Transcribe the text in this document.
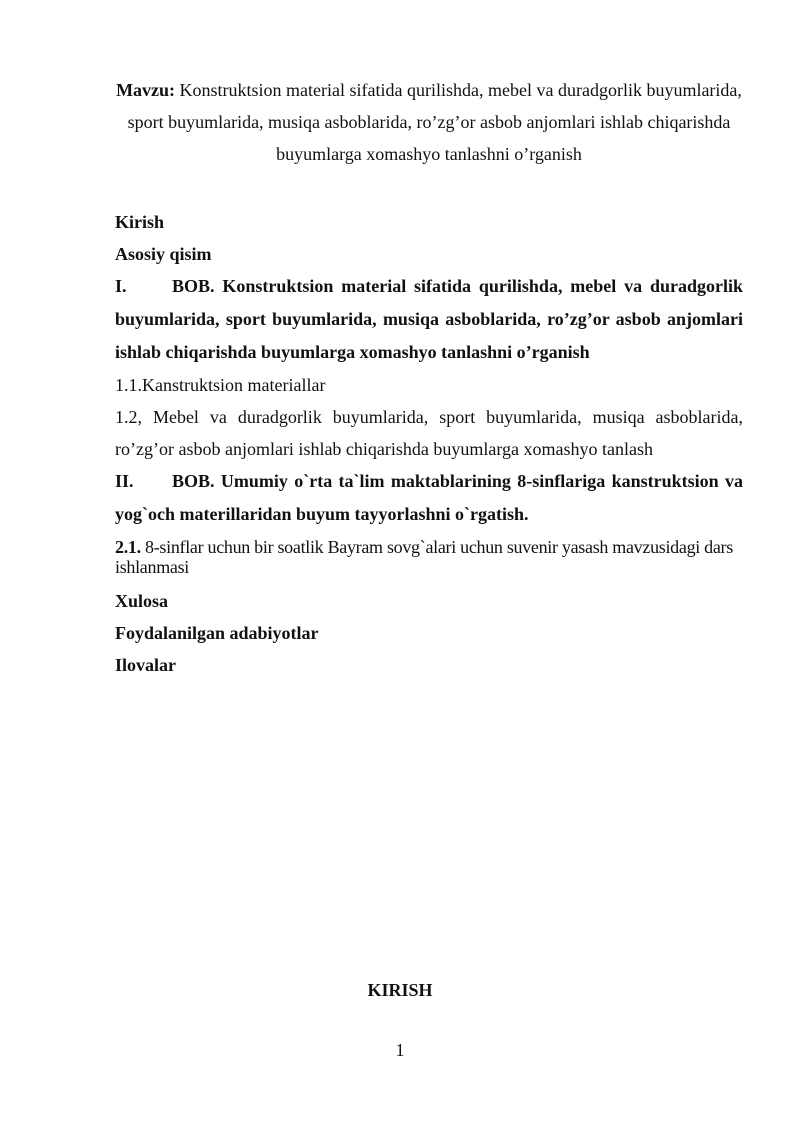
Mavzu: Konstruktsion material sifatida qurilishda, mebel va duradgorlik buyumlarida, sport buyumlarida, musiqa asboblarida, ro’zg’or asbob anjomlari ishlab chiqarishda buyumlarga xomashyo tanlashni o’rganish

Kirish

Asosiy qisim

I.	BOB. Konstruktsion material sifatida qurilishda, mebel va duradgorlik buyumlarida, sport buyumlarida, musiqa asboblarida, ro’zg’or asbob anjomlari ishlab chiqarishda buyumlarga xomashyo tanlashni o’rganish

1.1.Kanstruktsion materiallar

1.2, Mebel va duradgorlik buyumlarida, sport buyumlarida, musiqa asboblarida, ro’zg’or asbob anjomlari ishlab chiqarishda buyumlarga xomashyo tanlash

II. BOB. Umumiy o`rta ta`lim maktablarining 8-sinflariga kanstruktsion va yog`och materillaridan buyum tayyorlashni o`rgatish.

2.1. 8-sinflar uchun bir soatlik Bayram sovg`alari uchun suvenir yasash mavzusidagi dars ishlanmasi

Xulosa

Foydalanilgan adabiyotlar

Ilovalar

KIRISH
1
